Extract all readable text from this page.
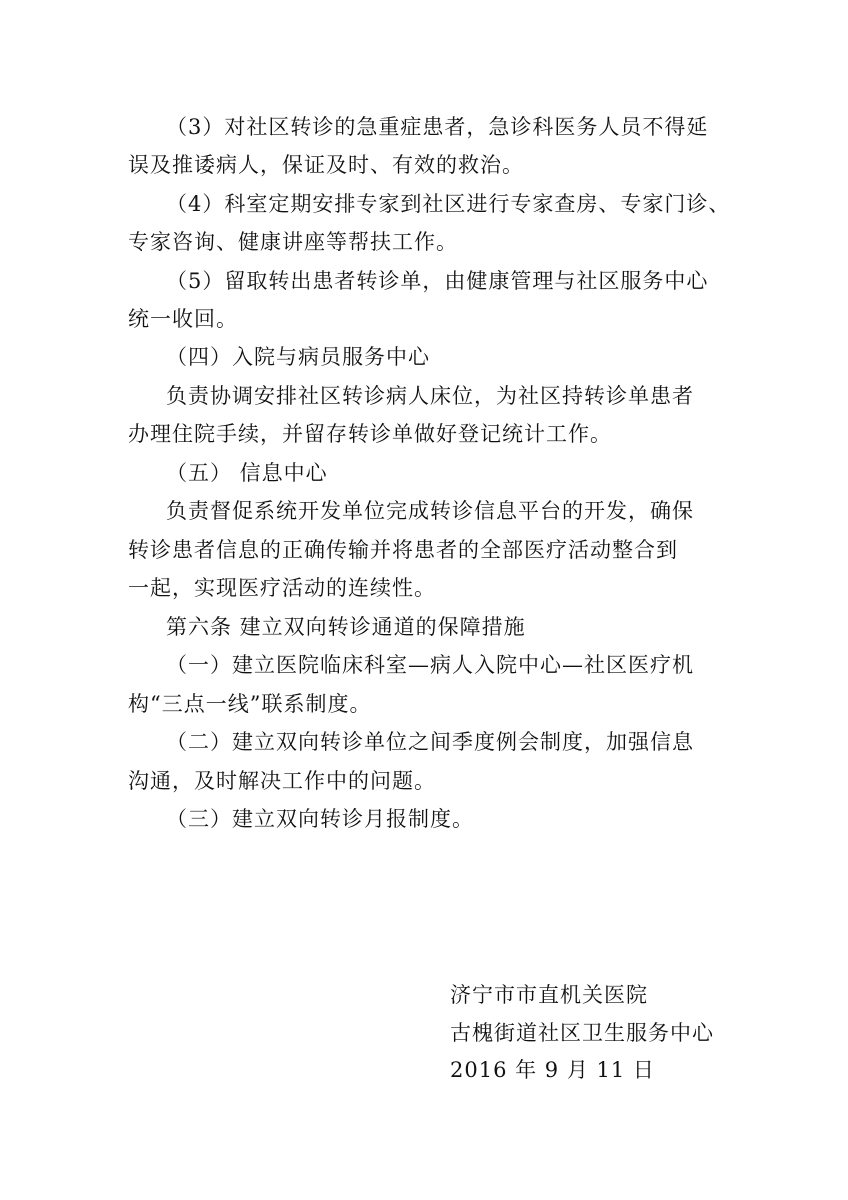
（3）对社区转诊的急重症患者，急诊科医务人员不得延
误及推诿病人，保证及时、有效的救治。
（4）科室定期安排专家到社区进行专家查房、专家门诊、
专家咨询、健康讲座等帮扶工作。
（5）留取转出患者转诊单，由健康管理与社区服务中心
统一收回。
（四）入院与病员服务中心
负责协调安排社区转诊病人床位，为社区持转诊单患者
办理住院手续，并留存转诊单做好登记统计工作。
（五） 信息中心
负责督促系统开发单位完成转诊信息平台的开发，确保
转诊患者信息的正确传输并将患者的全部医疗活动整合到
一起，实现医疗活动的连续性。
第六条 建立双向转诊通道的保障措施
（一）建立医院临床科室—病人入院中心—社区医疗机
构“三点一线”联系制度。
（二）建立双向转诊单位之间季度例会制度，加强信息
沟通，及时解决工作中的问题。
（三）建立双向转诊月报制度。
济宁市市直机关医院
古槐街道社区卫生服务中心
2016 年 9 月 11 日
